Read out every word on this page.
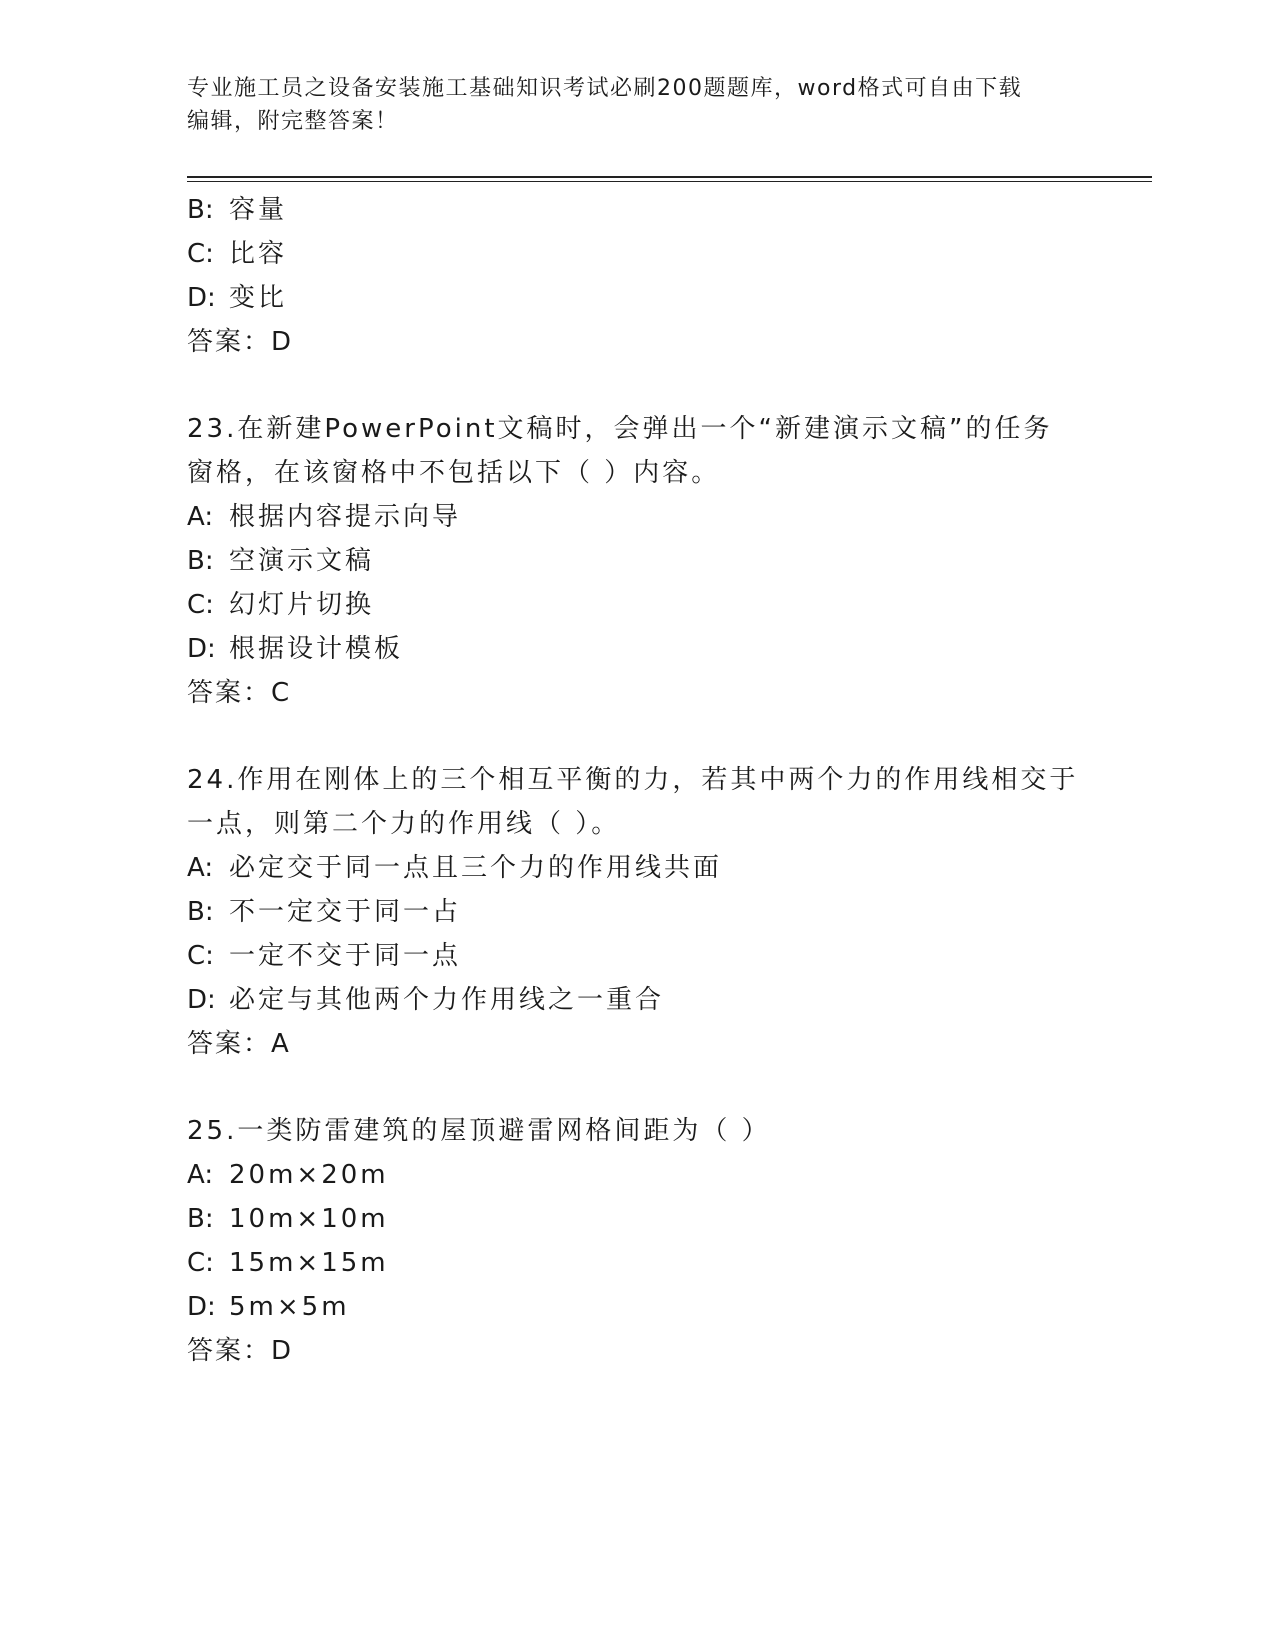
专业施工员之设备安装施工基础知识考试必刷200题题库，word格式可自由下载
编辑，附完整答案！
B: 容量
C: 比容
D: 变比
答案：D
23.在新建PowerPoint文稿时，会弹出一个“新建演示文稿”的任务
窗格，在该窗格中不包括以下（ ）内容。
A: 根据内容提示向导
B: 空演示文稿
C: 幻灯片切换
D: 根据设计模板
答案：C
24.作用在刚体上的三个相互平衡的力，若其中两个力的作用线相交于
一点，则第二个力的作用线（ ）。
A: 必定交于同一点且三个力的作用线共面
B: 不一定交于同一占
C: 一定不交于同一点
D: 必定与其他两个力作用线之一重合
答案：A
25.一类防雷建筑的屋顶避雷网格间距为（ ）
A: 20m×20m
B: 10m×10m
C: 15m×15m
D: 5m×5m
答案：D
